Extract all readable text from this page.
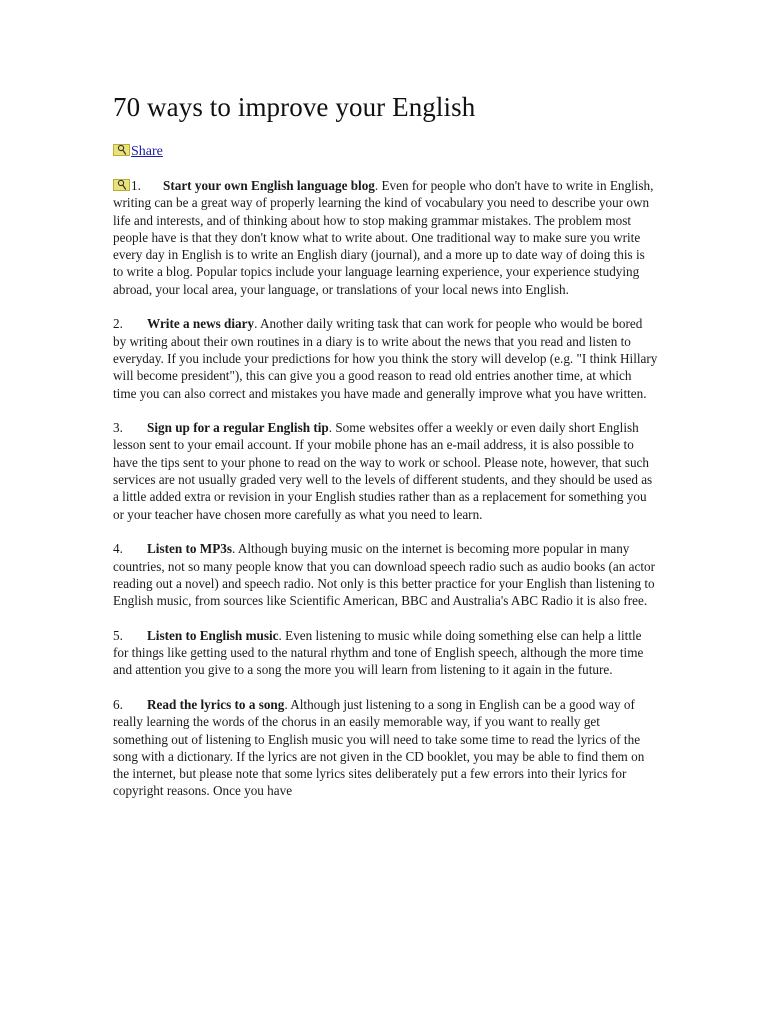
70 ways to improve your English
Share

1. Start your own English language blog. Even for people who don't have to write in English, writing can be a great way of properly learning the kind of vocabulary you need to describe your own life and interests, and of thinking about how to stop making grammar mistakes. The problem most people have is that they don't know what to write about. One traditional way to make sure you write every day in English is to write an English diary (journal), and a more up to date way of doing this is to write a blog. Popular topics include your language learning experience, your experience studying abroad, your local area, your language, or translations of your local news into English.

2. Write a news diary. Another daily writing task that can work for people who would be bored by writing about their own routines in a diary is to write about the news that you read and listen to everyday. If you include your predictions for how you think the story will develop (e.g. "I think Hillary will become president"), this can give you a good reason to read old entries another time, at which time you can also correct and mistakes you have made and generally improve what you have written.

3. Sign up for a regular English tip. Some websites offer a weekly or even daily short English lesson sent to your email account. If your mobile phone has an e-mail address, it is also possible to have the tips sent to your phone to read on the way to work or school. Please note, however, that such services are not usually graded very well to the levels of different students, and they should be used as a little added extra or revision in your English studies rather than as a replacement for something you or your teacher have chosen more carefully as what you need to learn.

4. Listen to MP3s. Although buying music on the internet is becoming more popular in many countries, not so many people know that you can download speech radio such as audio books (an actor reading out a novel) and speech radio. Not only is this better practice for your English than listening to English music, from sources like Scientific American, BBC and Australia's ABC Radio it is also free.

5. Listen to English music. Even listening to music while doing something else can help a little for things like getting used to the natural rhythm and tone of English speech, although the more time and attention you give to a song the more you will learn from listening to it again in the future.

6. Read the lyrics to a song. Although just listening to a song in English can be a good way of really learning the words of the chorus in an easily memorable way, if you want to really get something out of listening to English music you will need to take some time to read the lyrics of the song with a dictionary. If the lyrics are not given in the CD booklet, you may be able to find them on the internet, but please note that some lyrics sites deliberately put a few errors into their lyrics for copyright reasons. Once you have
